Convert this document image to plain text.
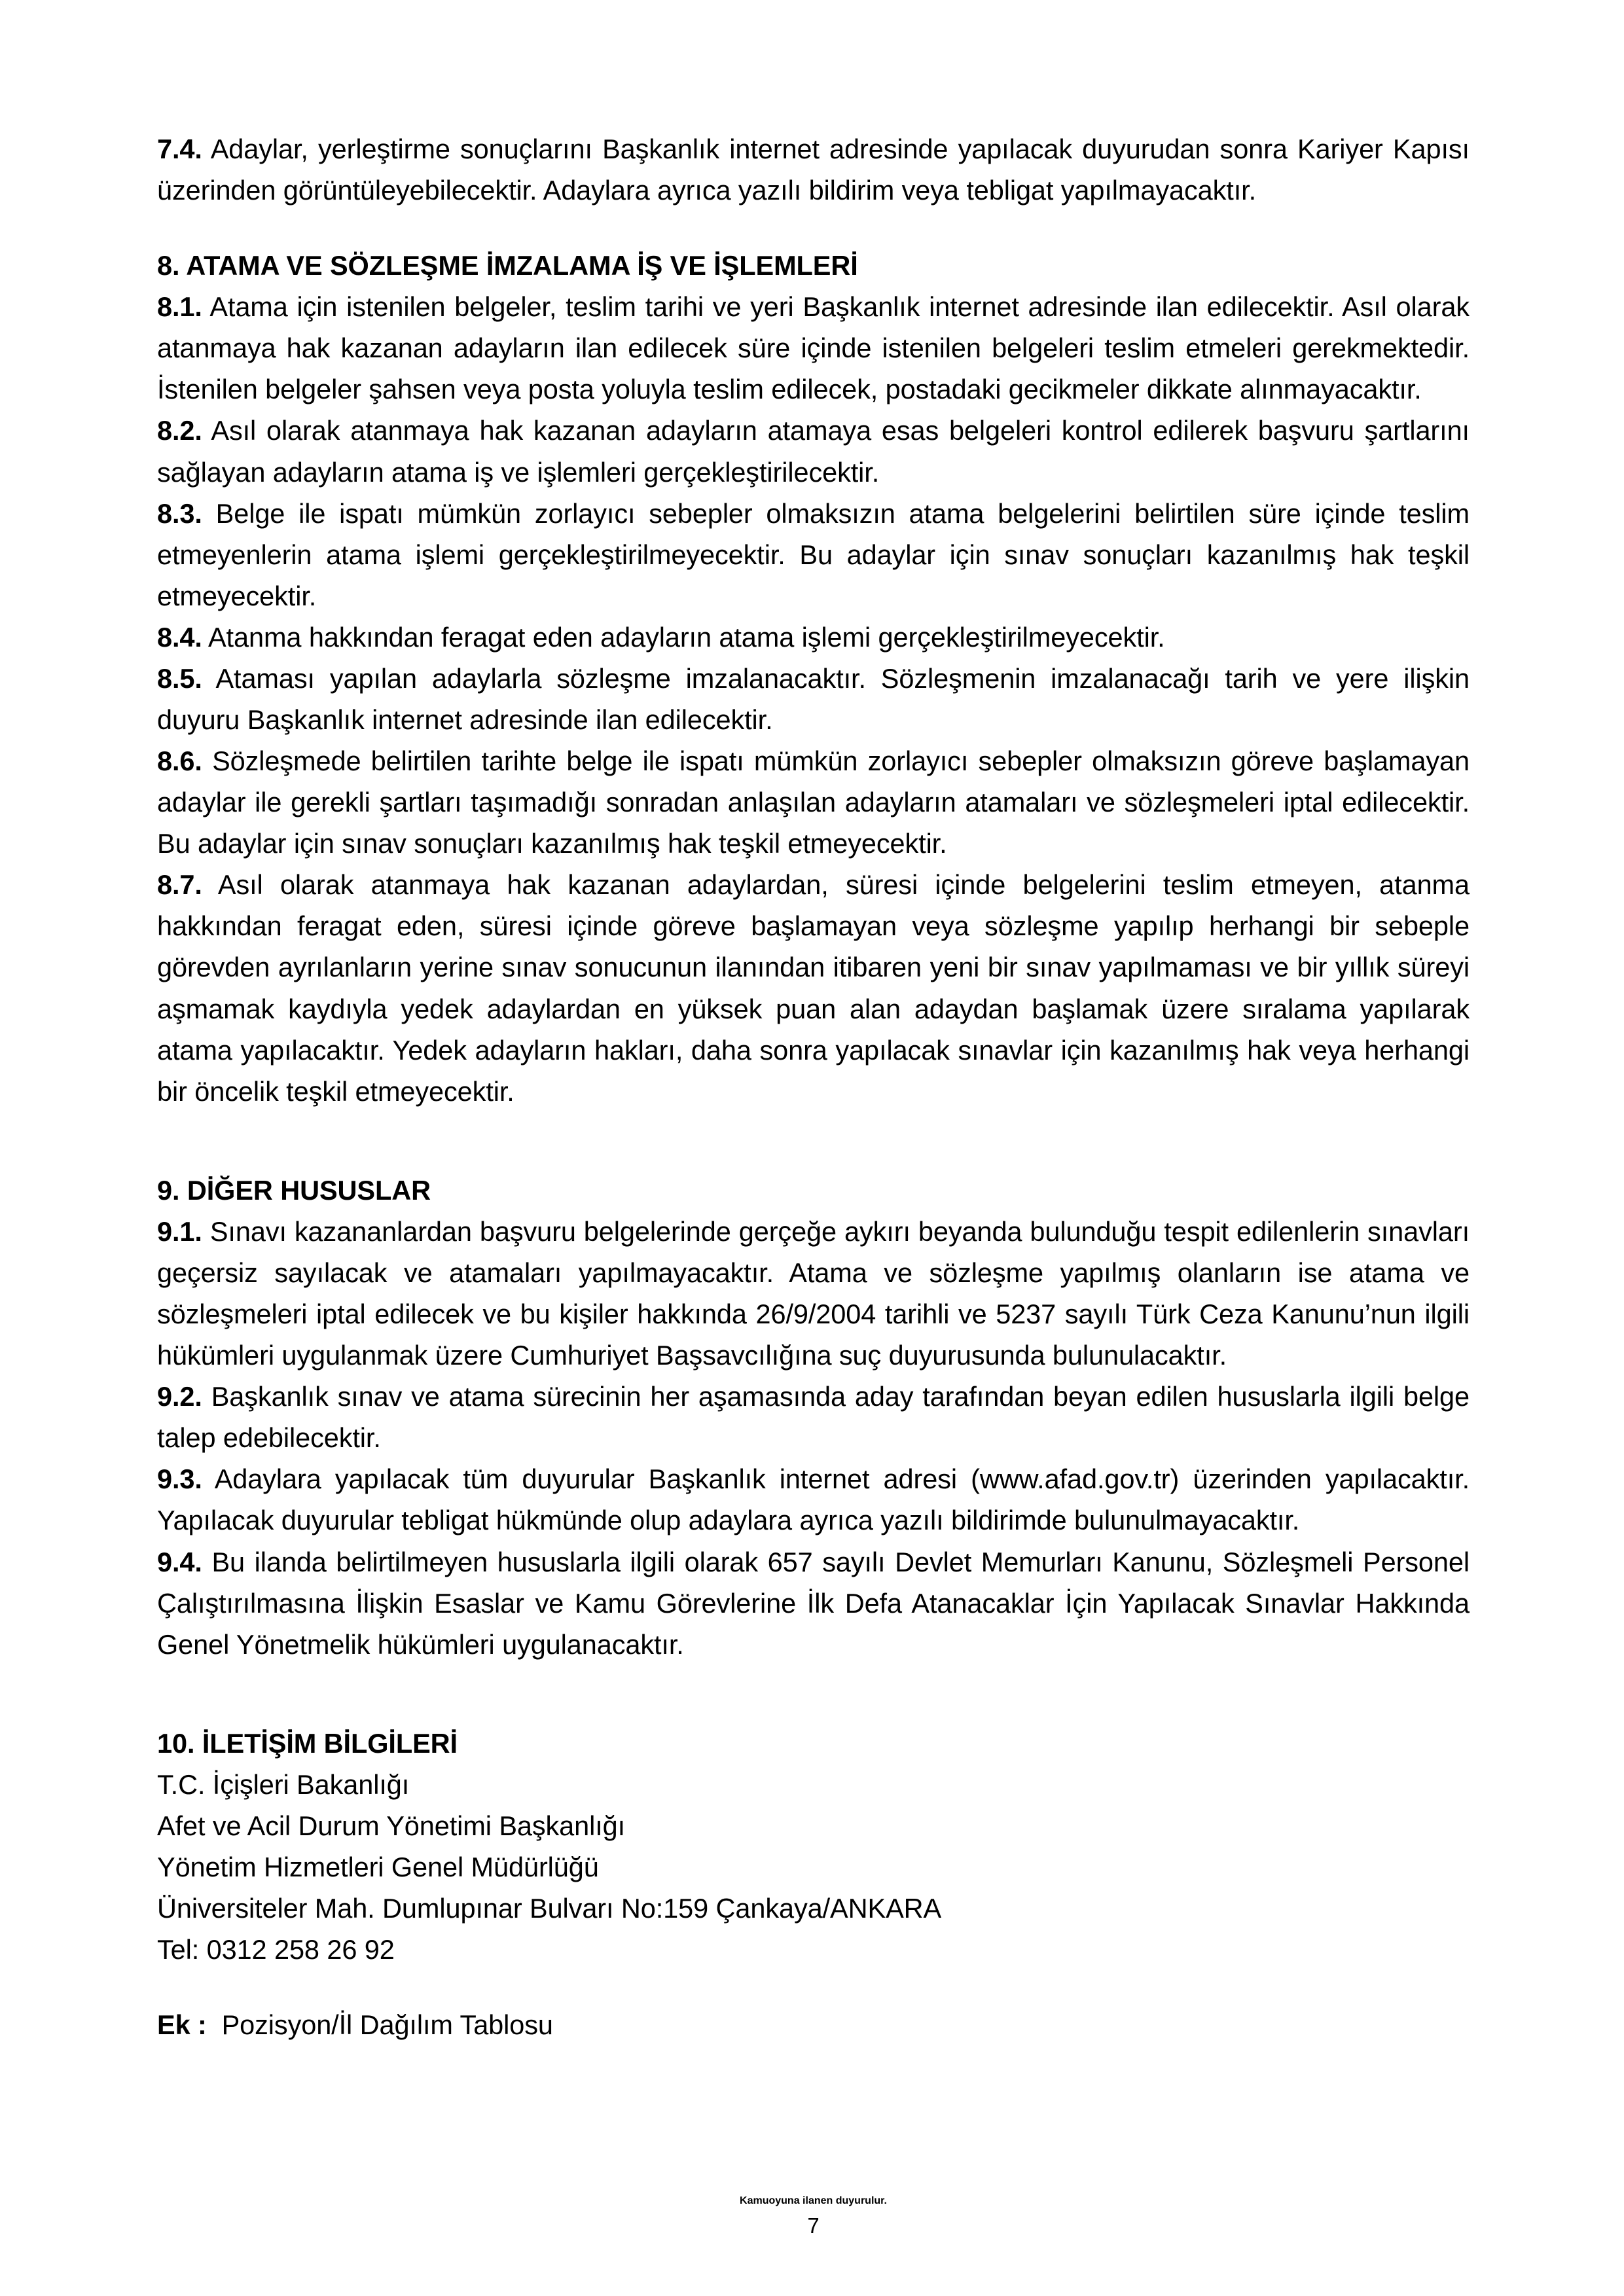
7.4. Adaylar, yerleştirme sonuçlarını Başkanlık internet adresinde yapılacak duyurudan sonra Kariyer Kapısı üzerinden görüntüleyebilecektir. Adaylara ayrıca yazılı bildirim veya tebligat yapılmayacaktır.

8. ATAMA VE SÖZLEŞME İMZALAMA İŞ VE İŞLEMLERİ

8.1. Atama için istenilen belgeler, teslim tarihi ve yeri Başkanlık internet adresinde ilan edilecektir. Asıl olarak atanmaya hak kazanan adayların ilan edilecek süre içinde istenilen belgeleri teslim etmeleri gerekmektedir. İstenilen belgeler şahsen veya posta yoluyla teslim edilecek, postadaki gecikmeler dikkate alınmayacaktır.

8.2. Asıl olarak atanmaya hak kazanan adayların atamaya esas belgeleri kontrol edilerek başvuru şartlarını sağlayan adayların atama iş ve işlemleri gerçekleştirilecektir.

8.3. Belge ile ispatı mümkün zorlayıcı sebepler olmaksızın atama belgelerini belirtilen süre içinde teslim etmeyenlerin atama işlemi gerçekleştirilmeyecektir. Bu adaylar için sınav sonuçları kazanılmış hak teşkil etmeyecektir.

8.4. Atanma hakkından feragat eden adayların atama işlemi gerçekleştirilmeyecektir.

8.5. Ataması yapılan adaylarla sözleşme imzalanacaktır. Sözleşmenin imzalanacağı tarih ve yere ilişkin duyuru Başkanlık internet adresinde ilan edilecektir.

8.6. Sözleşmede belirtilen tarihte belge ile ispatı mümkün zorlayıcı sebepler olmaksızın göreve başlamayan adaylar ile gerekli şartları taşımadığı sonradan anlaşılan adayların atamaları ve sözleşmeleri iptal edilecektir. Bu adaylar için sınav sonuçları kazanılmış hak teşkil etmeyecektir.

8.7. Asıl olarak atanmaya hak kazanan adaylardan, süresi içinde belgelerini teslim etmeyen, atanma hakkından feragat eden, süresi içinde göreve başlamayan veya sözleşme yapılıp herhangi bir sebeple görevden ayrılanların yerine sınav sonucunun ilanından itibaren yeni bir sınav yapılmaması ve bir yıllık süreyi aşmamak kaydıyla yedek adaylardan en yüksek puan alan adaydan başlamak üzere sıralama yapılarak atama yapılacaktır. Yedek adayların hakları, daha sonra yapılacak sınavlar için kazanılmış hak veya herhangi bir öncelik teşkil etmeyecektir.

9. DİĞER HUSUSLAR

9.1. Sınavı kazananlardan başvuru belgelerinde gerçeğe aykırı beyanda bulunduğu tespit edilenlerin sınavları geçersiz sayılacak ve atamaları yapılmayacaktır. Atama ve sözleşme yapılmış olanların ise atama ve sözleşmeleri iptal edilecek ve bu kişiler hakkında 26/9/2004 tarihli ve 5237 sayılı Türk Ceza Kanunu’nun ilgili hükümleri uygulanmak üzere Cumhuriyet Başsavcılığına suç duyurusunda bulunulacaktır.

9.2. Başkanlık sınav ve atama sürecinin her aşamasında aday tarafından beyan edilen hususlarla ilgili belge talep edebilecektir.

9.3. Adaylara yapılacak tüm duyurular Başkanlık internet adresi (www.afad.gov.tr) üzerinden yapılacaktır. Yapılacak duyurular tebligat hükmünde olup adaylara ayrıca yazılı bildirimde bulunulmayacaktır.

9.4. Bu ilanda belirtilmeyen hususlarla ilgili olarak 657 sayılı Devlet Memurları Kanunu, Sözleşmeli Personel Çalıştırılmasına İlişkin Esaslar ve Kamu Görevlerine İlk Defa Atanacaklar İçin Yapılacak Sınavlar Hakkında Genel Yönetmelik hükümleri uygulanacaktır.

10. İLETİŞİM BİLGİLERİ

T.C. İçişleri Bakanlığı

Afet ve Acil Durum Yönetimi Başkanlığı

Yönetim Hizmetleri Genel Müdürlüğü

Üniversiteler Mah. Dumlupınar Bulvarı No:159 Çankaya/ANKARA

Tel: 0312 258 26 92

Ek : Pozisyon/İl Dağılım Tablosu

Kamuoyuna ilanen duyurulur.

7
